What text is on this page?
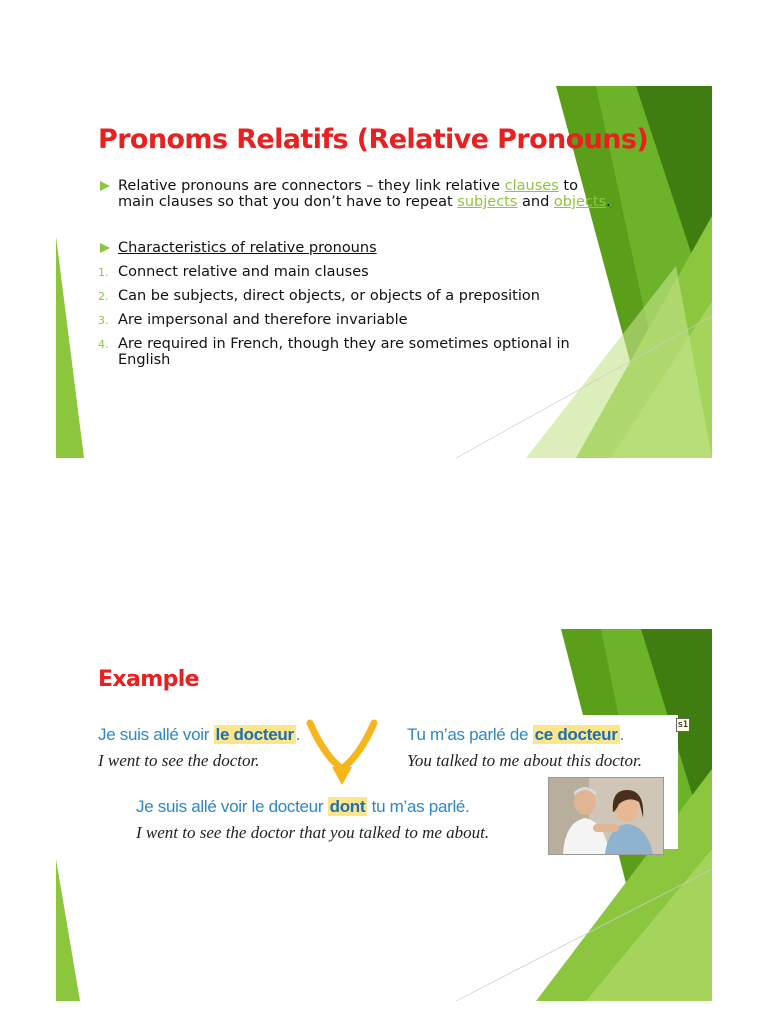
Pronoms Relatifs (Relative Pronouns)
Relative pronouns are connectors – they link relative clauses to main clauses so that you don’t have to repeat subjects and objects.
Characteristics of relative pronouns
1. Connect relative and main clauses
2. Can be subjects, direct objects, or objects of a preposition
3. Are impersonal and therefore invariable
4. Are required in French, though they are sometimes optional in English
Example
Je suis allé voir le docteur .
I went to see the doctor.
Tu m’as parlé de ce docteur .
You talked to me about this doctor.
s1
Je suis allé voir le docteur dont tu m’as parlé.
I went to see the doctor that you talked to me about.
